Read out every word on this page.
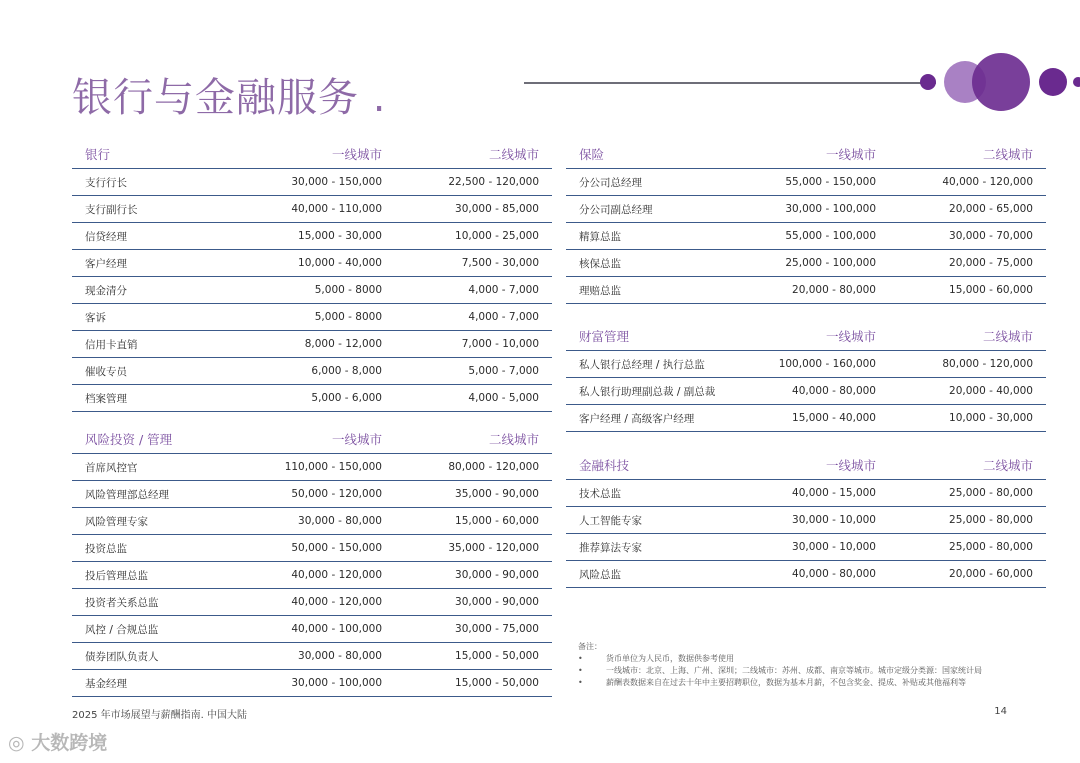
银行与金融服务 .
银行	一线城市	二线城市
支行行长	30,000 - 150,000	22,500 - 120,000
支行副行长	40,000 - 110,000	30,000 - 85,000
信贷经理	15,000 - 30,000	10,000 - 25,000
客户经理	10,000 - 40,000	7,500 - 30,000
现金清分	5,000 - 8000	4,000 - 7,000
客诉	5,000 - 8000	4,000 - 7,000
信用卡直销	8,000 - 12,000	7,000 - 10,000
催收专员	6,000 - 8,000	5,000 - 7,000
档案管理	5,000 - 6,000	4,000 - 5,000
风险投资 / 管理	一线城市	二线城市
首席风控官	110,000 - 150,000	80,000 - 120,000
风险管理部总经理	50,000 - 120,000	35,000 - 90,000
风险管理专家	30,000 - 80,000	15,000 - 60,000
投资总监	50,000 - 150,000	35,000 - 120,000
投后管理总监	40,000 - 120,000	30,000 - 90,000
投资者关系总监	40,000 - 120,000	30,000 - 90,000
风控 / 合规总监	40,000 - 100,000	30,000 - 75,000
债券团队负责人	30,000 - 80,000	15,000 - 50,000
基金经理	30,000 - 100,000	15,000 - 50,000
保险	一线城市	二线城市
分公司总经理	55,000 - 150,000	40,000 - 120,000
分公司副总经理	30,000 - 100,000	20,000 - 65,000
精算总监	55,000 - 100,000	30,000 - 70,000
核保总监	25,000 - 100,000	20,000 - 75,000
理赔总监	20,000 - 80,000	15,000 - 60,000
财富管理	一线城市	二线城市
私人银行总经理 / 执行总监	100,000 - 160,000	80,000 - 120,000
私人银行助理副总裁 / 副总裁	40,000 - 80,000	20,000 - 40,000
客户经理 / 高级客户经理	15,000 - 40,000	10,000 - 30,000
金融科技	一线城市	二线城市
技术总监	40,000 - 15,000	25,000 - 80,000
人工智能专家	30,000 - 10,000	25,000 - 80,000
推荐算法专家	30,000 - 10,000	25,000 - 80,000
风险总监	40,000 - 80,000	20,000 - 60,000
备注：
• 货币单位为人民币，数据供参考使用
• 一线城市：北京、上海、广州、深圳；二线城市：苏州、成都、南京等城市。城市定级分类源：国家统计局
• 薪酬表数据来自在过去十年中主要招聘职位，数据为基本月薪，不包含奖金、提成、补贴或其他福利等
2025 年市场展望与薪酬指南. 中国大陆	14
◎ 大数跨境
